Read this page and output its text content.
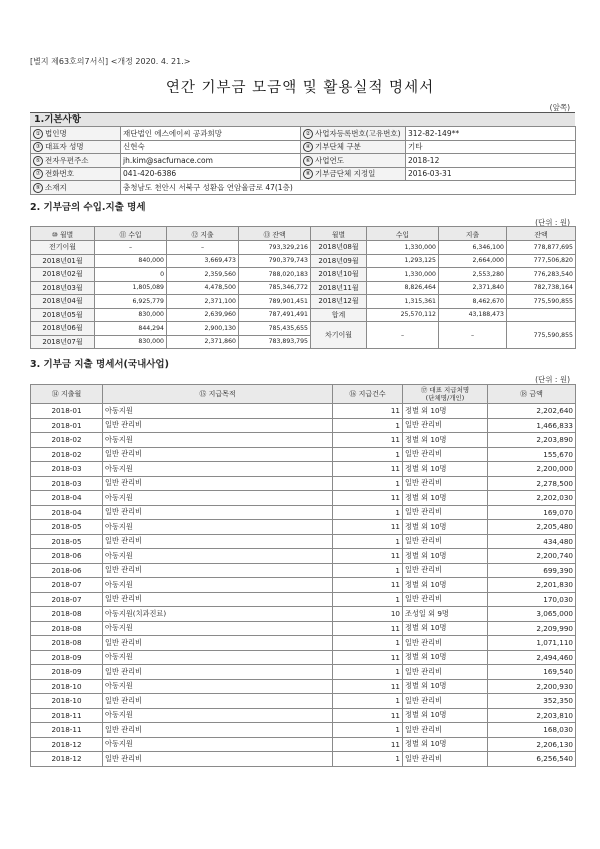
[별지 제63호의7서식] <개정 2020. 4. 21.>
연간 기부금 모금액 및 활용실적 명세서
(앞쪽)
1.기본사항
① 법인명	재단법인 에스에이씨 공과희망	② 사업자등록번호(고유번호)	312-82-149**
③ 대표자 성명	신현숙	④ 기부단체 구분	기타
⑤ 전자우편주소	jh.kim@sacfurnace.com	⑥ 사업연도	2018-12
⑦ 전화번호	041-420-6386	⑧ 기부금단체 지정일	2016-03-31
⑨ 소재지	충청남도 천안시 서북구 성환읍 연암율금로 47(1층)		
2. 기부금의 수입.지출 명세
(단위 : 원)
⑩ 월별	⑪ 수입	⑫ 지출	⑬ 잔액	월별	수입	지출	잔액
전기이월	–	–	793,329,216	2018년08월	1,330,000	6,346,100	778,877,695
2018년01월	840,000	3,669,473	790,379,743	2018년09월	1,293,125	2,664,000	777,506,820
2018년02월	0	2,359,560	788,020,183	2018년10월	1,330,000	2,553,280	776,283,540
2018년03월	1,805,089	4,478,500	785,346,772	2018년11월	8,826,464	2,371,840	782,738,164
2018년04월	6,925,779	2,371,100	789,901,451	2018년12월	1,315,361	8,462,670	775,590,855
2018년05월	830,000	2,639,960	787,491,491	합계	25,570,112	43,188,473	
2018년06월	844,294	2,900,130	785,435,655	차기이월	–	–	775,590,855
2018년07월	830,000	2,371,860	783,893,795				
3. 기부금 지출 명세서(국내사업)
(단위 : 원)
⑭ 지출월	⑮ 지급목적	⑯ 지급건수	⑰ 대표 지급처명
(단체명/개인)	⑱ 금액
2018-01	아동지원	11	정별 외 10명	2,202,640
2018-01	일반 관리비	1	일반 관리비	1,466,833
2018-02	아동지원	11	정별 외 10명	2,203,890
2018-02	일반 관리비	1	일반 관리비	155,670
2018-03	아동지원	11	정별 외 10명	2,200,000
2018-03	일반 관리비	1	일반 관리비	2,278,500
2018-04	아동지원	11	정별 외 10명	2,202,030
2018-04	일반 관리비	1	일반 관리비	169,070
2018-05	아동지원	11	정별 외 10명	2,205,480
2018-05	일반 관리비	1	일반 관리비	434,480
2018-06	아동지원	11	정별 외 10명	2,200,740
2018-06	일반 관리비	1	일반 관리비	699,390
2018-07	아동지원	11	정별 외 10명	2,201,830
2018-07	일반 관리비	1	일반 관리비	170,030
2018-08	아동지원(치과진료)	10	조성일 외 9명	3,065,000
2018-08	아동지원	11	정별 외 10명	2,209,990
2018-08	일반 관리비	1	일반 관리비	1,071,110
2018-09	아동지원	11	정별 외 10명	2,494,460
2018-09	일반 관리비	1	일반 관리비	169,540
2018-10	아동지원	11	정별 외 10명	2,200,930
2018-10	일반 관리비	1	일반 관리비	352,350
2018-11	아동지원	11	정별 외 10명	2,203,810
2018-11	일반 관리비	1	일반 관리비	168,030
2018-12	아동지원	11	정별 외 10명	2,206,130
2018-12	일반 관리비	1	일반 관리비	6,256,540
